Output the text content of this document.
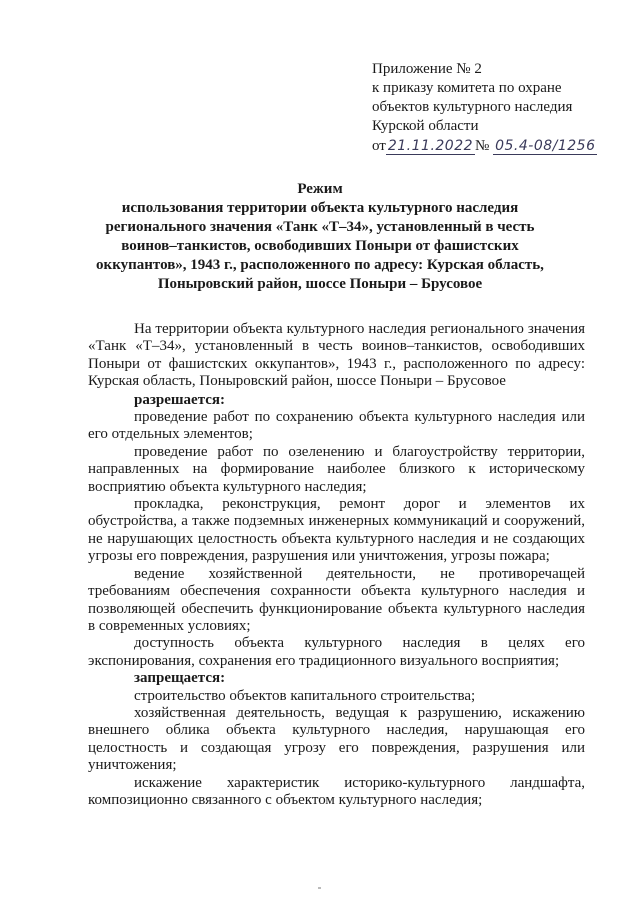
Приложение № 2
к приказу комитета по охране
объектов культурного наследия
Курской области
от 21.11.2022 № 05.4-08/1256
Режим
использования территории объекта культурного наследия
регионального значения «Танк «Т–34», установленный в честь
воинов–танкистов, освободивших Поныри от фашистских
оккупантов», 1943 г., расположенного по адресу: Курская область,
Поныровский район, шоссе Поныри – Брусовое

На территории объекта культурного наследия регионального значения «Танк «Т–34», установленный в честь воинов–танкистов, освободивших Поныри от фашистских оккупантов», 1943 г., расположенного по адресу: Курская область, Поныровский район, шоссе Поныри – Брусовое

разрешается:

проведение работ по сохранению объекта культурного наследия или его отдельных элементов;

проведение работ по озеленению и благоустройству территории, направленных на формирование наиболее близкого к историческому восприятию объекта культурного наследия;

прокладка, реконструкция, ремонт дорог и элементов их обустройства, а также подземных инженерных коммуникаций и сооружений, не нарушающих целостность объекта культурного наследия и не создающих угрозы его повреждения, разрушения или уничтожения, угрозы пожара;

ведение хозяйственной деятельности, не противоречащей требованиям обеспечения сохранности объекта культурного наследия и позволяющей обеспечить функционирование объекта культурного наследия в современных условиях;

доступность объекта культурного наследия в целях его экспонирования, сохранения его традиционного визуального восприятия;

запрещается:

строительство объектов капитального строительства;

хозяйственная деятельность, ведущая к разрушению, искажению внешнего облика объекта культурного наследия, нарушающая его целостность и создающая угрозу его повреждения, разрушения или уничтожения;

искажение характеристик историко-культурного ландшафта, композиционно связанного с объектом культурного наследия;
